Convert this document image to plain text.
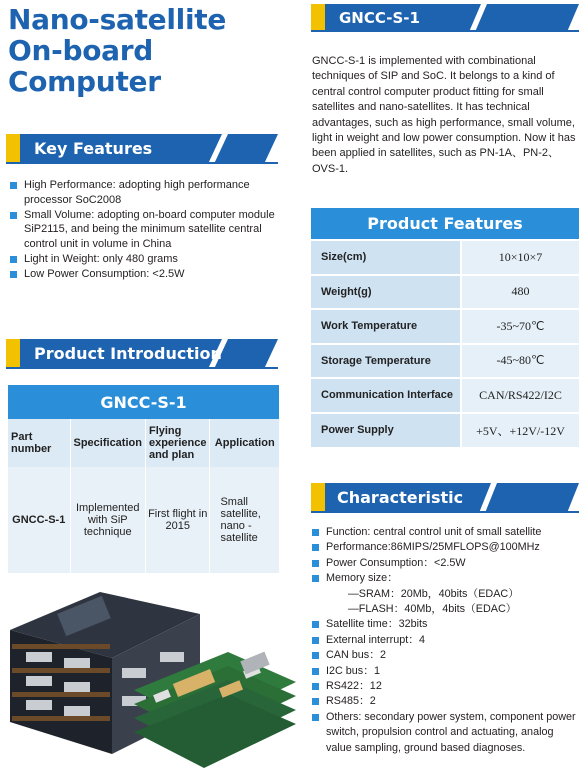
Nano-satellite
On-board
Computer
Key Features
High Performance: adopting high performance
processor SoC2008
Small Volume: adopting on-board computer module
SiP2115, and being the minimum satellite central
control unit in volume in China
Light in Weight: only 480 grams
Low Power Consumption: <2.5W
Product Introduction
GNCC-S-1			
Part number	Specification	Flying experience and plan	Application
GNCC-S-1	Implemented with SiP technique	First flight in 2015	Small satellite, nano -satellite
GNCC-S-1

GNCC-S-1 is implemented with combinational techniques of SIP and SoC. It belongs to a kind of central control computer product fitting for small satellites and nano-satellites. It has technical advantages, such as high performance, small volume, light in weight and low power consumption. Now it has been applied in satellites, such as PN-1A、PN-2、 OVS-1.

Product Features	
Size(cm)	10×10×7
Weight(g)	480
Work Temperature	-35~70℃
Storage Temperature	-45~80℃
Communication Interface	CAN/RS422/I2C
Power Supply	+5V、+12V/-12V
Characteristic
Function: central control unit of small satellite
Performance:86MIPS/25MFLOPS@100MHz
Power Consumption：<2.5W
Memory size：
—SRAM：20Mb，40bits（EDAC）
—FLASH：40Mb，4bits（EDAC）
Satellite time：32bits
External interrupt：4
CAN bus：2
I2C bus：1
RS422：12
RS485：2
Others: secondary power system, component power
switch, propulsion control and actuating, analog
value sampling, ground based diagnoses.
